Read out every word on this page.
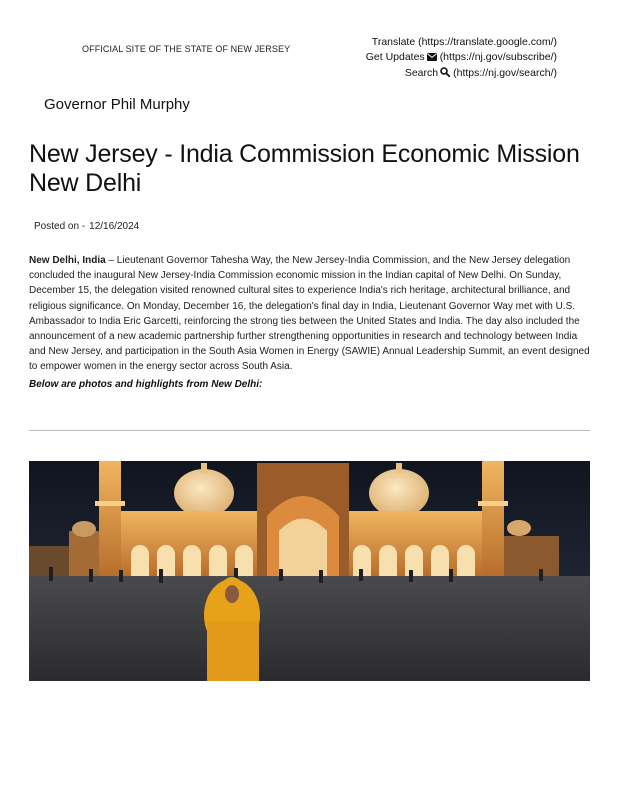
OFFICIAL SITE OF THE STATE OF NEW JERSEY
Translate (https://translate.google.com/)
Get Updates (https://nj.gov/subscribe/)
Search (https://nj.gov/search/)
Governor Phil Murphy
New Jersey - India Commission Economic Mission New Delhi
Posted on - 12/16/2024

New Delhi, India – Lieutenant Governor Tahesha Way, the New Jersey-India Commission, and the New Jersey delegation concluded the inaugural New Jersey-India Commission economic mission in the Indian capital of New Delhi. On Sunday, December 15, the delegation visited renowned cultural sites to experience India's rich heritage, architectural brilliance, and religious significance. On Monday, December 16, the delegation's final day in India, Lieutenant Governor Way met with U.S. Ambassador to India Eric Garcetti, reinforcing the strong ties between the United States and India. The day also included the announcement of a new academic partnership further strengthening opportunities in research and technology between India and New Jersey, and participation in the South Asia Women in Energy (SAWIE) Annual Leadership Summit, an event designed to empower women in the energy sector across South Asia.

Below are photos and highlights from New Delhi:
